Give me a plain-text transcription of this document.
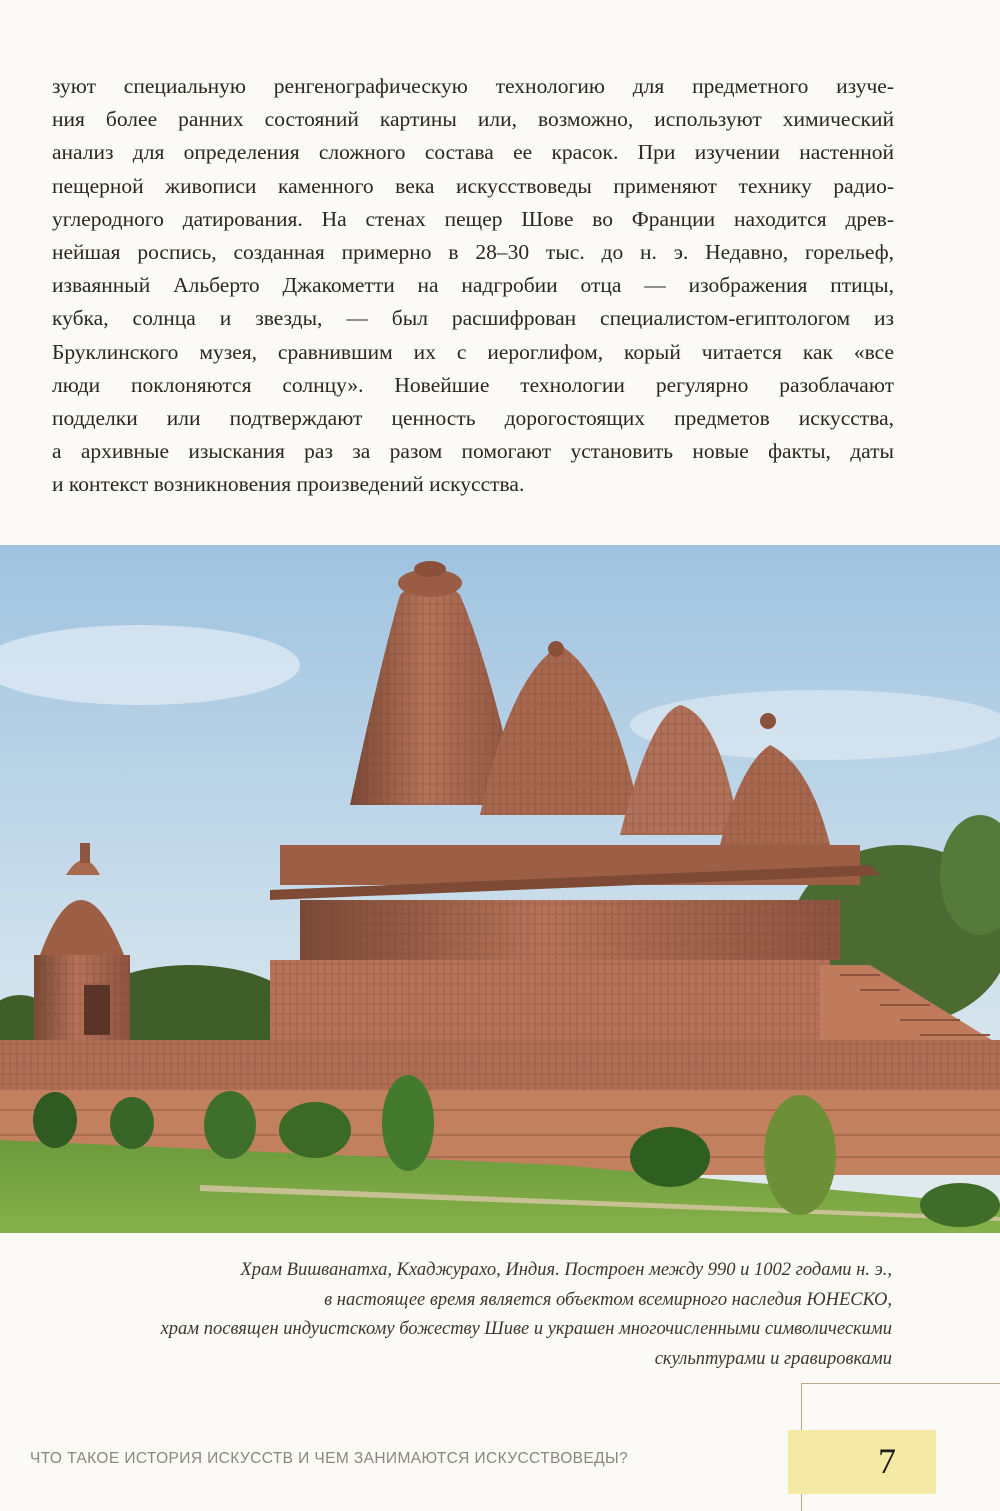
зуют специальную ренгенографическую технологию для предметного изуче-
ния более ранних состояний картины или, возможно, используют химический
анализ для определения сложного состава ее красок. При изучении настенной
пещерной живописи каменного века искусствоведы применяют технику радио-
углеродного датирования. На стенах пещер Шове во Франции находится древ-
нейшая роспись, созданная примерно в 28–30 тыс. до н. э. Недавно, горельеф,
изваянный Альберто Джакометти на надгробии отца — изображения птицы,
кубка, солнца и звезды, — был расшифрован специалистом-египтологом из
Бруклинского музея, сравнившим их с иероглифом, корый читается как «все
люди поклоняются солнцу». Новейшие технологии регулярно разоблачают
подделки или подтверждают ценность дорогостоящих предметов искусства,
а архивные изыскания раз за разом помогают установить новые факты, даты
и контекст возникновения произведений искусства.

Храм Вишванатха, Кхаджурахо, Индия. Построен между 990 и 1002 годами н. э.,
в настоящее время является объектом всемирного наследия ЮНЕСКО,
храм посвящен индуистскому божеству Шиве и украшен многочисленными символическими
скульптурами и гравировками
ЧТО ТАКОЕ ИСТОРИЯ ИСКУССТВ И ЧЕМ ЗАНИМАЮТСЯ ИСКУССТВОВЕДЫ?	7
